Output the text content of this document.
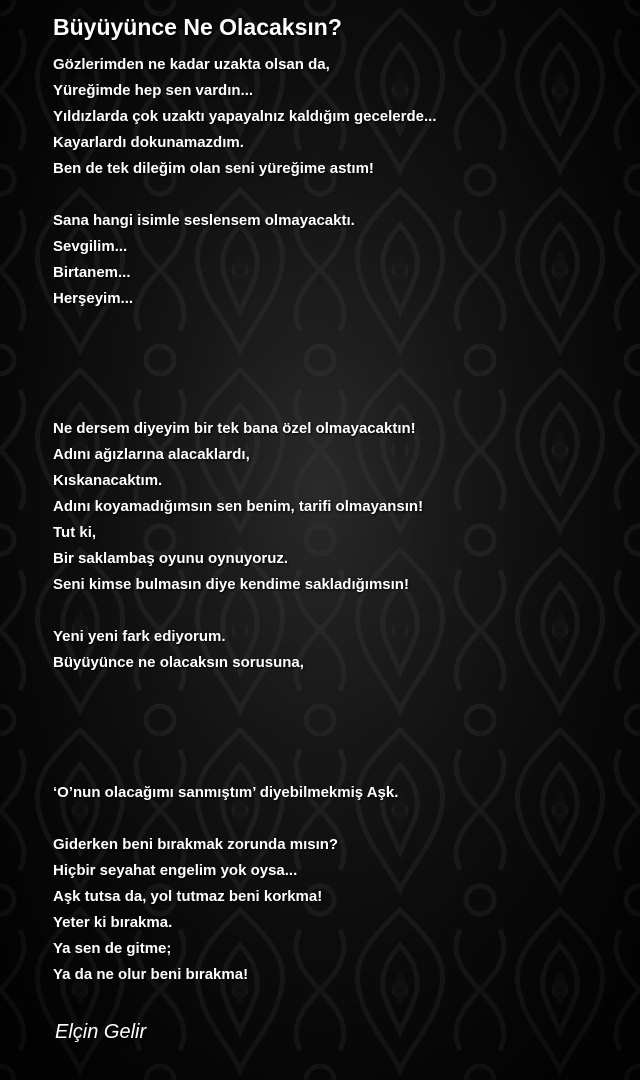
Büyüyünce Ne Olacaksın?
Gözlerimden ne kadar uzakta olsan da,
Yüreğimde hep sen vardın...
Yıldızlarda çok uzaktı yapayalnız kaldığım gecelerde...
Kayarlardı dokunamazdım.
Ben de tek dileğim olan seni yüreğime astım!
Sana hangi isimle seslensem olmayacaktı.
Sevgilim...
Birtanem...
Herşeyim...
Ne dersem diyeyim bir tek bana özel olmayacaktın!
Adını ağızlarına alacaklardı,
Kıskanacaktım.
Adını koyamadığımsın sen benim, tarifi olmayansın!
Tut ki,
Bir saklambaş oyunu oynuyoruz.
Seni kimse bulmasın diye kendime sakladığımsın!
Yeni yeni fark ediyorum.
Büyüyünce ne olacaksın sorusuna,
‘O’nun olacağımı sanmıştım’ diyebilmekmiş Aşk.
Giderken beni bırakmak zorunda mısın?
Hiçbir seyahat engelim yok oysa...
Aşk tutsa da, yol tutmaz beni korkma!
Yeter ki bırakma.
Ya sen de gitme;
Ya da ne olur beni bırakma!
Elçin Gelir
